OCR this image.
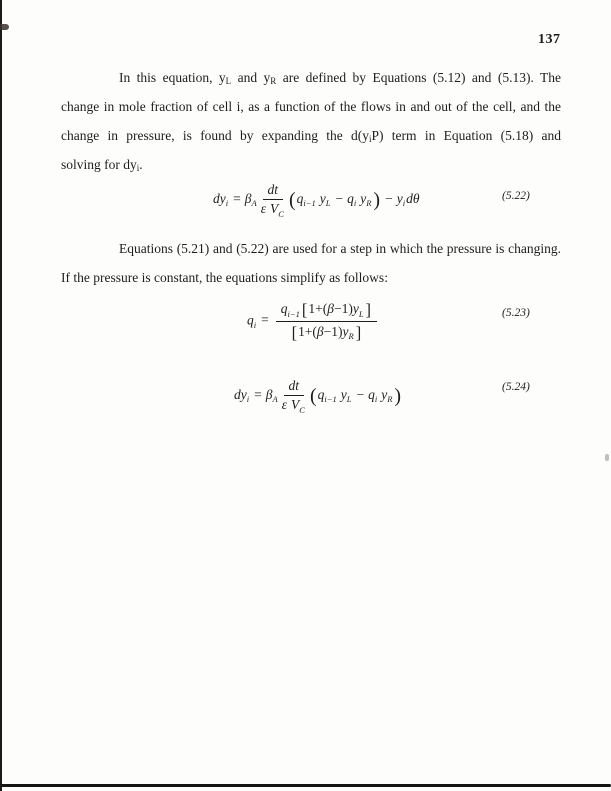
137

In this equation, yL and yR are defined by Equations (5.12) and (5.13). The
change in mole fraction of cell i, as a function of the flows in and out of the cell, and the
change in pressure, is found by expanding the d(yiP) term in Equation (5.18) and
solving for dyi.

$dy_i = \beta_A \frac{dt}{\varepsilon V_C} (q_{i-1}$ $y_L - q_i$ $y_R$ ) − $y_id\theta$	(5.22)

Equations (5.21) and (5.22) are used for a step in which the pressure is changing.
If the pressure is constant, the equations simplify as follows:

$q_i = \frac{q_{i-1} [1+(\beta-1)y_L ]}{[1+(\beta-1)y_R ]}$	(5.23)
$dy_i = \beta_A \frac{dt}{\varepsilon V_C} (q_{i-1}$ $y_L - q_i$ $y_R$ )	(5.24)
